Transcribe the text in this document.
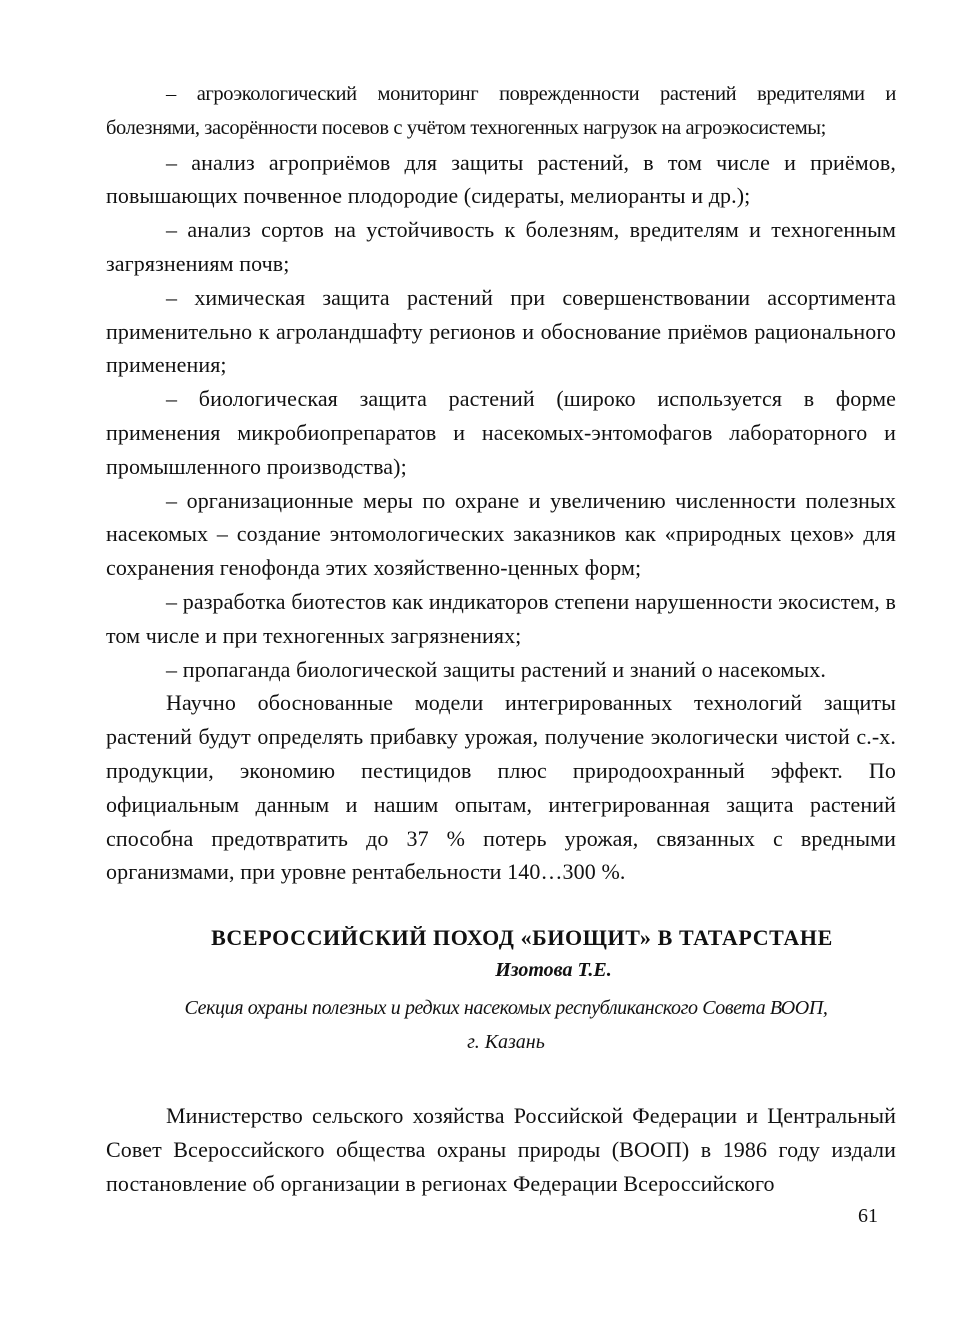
– агроэкологический мониторинг поврежденности растений вредителями и болезнями, засорённости посевов с учётом техногенных нагрузок на агроэкосистемы;

– анализ агроприёмов для защиты растений, в том числе и приёмов, повышающих почвенное плодородие (сидераты, мелиоранты и др.);

– анализ сортов на устойчивость к болезням, вредителям и техногенным загрязнениям почв;

– химическая защита растений при совершенствовании ассортимента применительно к агроландшафту регионов и обоснование приёмов рационального применения;

– биологическая защита растений (широко используется в форме применения микробиопрепаратов и насекомых-энтомофагов лабораторного и промышленного производства);

– организационные меры по охране и увеличению численности полезных насекомых – создание энтомологических заказников как «природных цехов» для сохранения генофонда этих хозяйственно-ценных форм;

– разработка биотестов как индикаторов степени нарушенности экосистем, в том числе и при техногенных загрязнениях;

– пропаганда биологической защиты растений и знаний о насекомых.

Научно обоснованные модели интегрированных технологий защиты растений будут определять прибавку урожая, получение экологически чистой с.-х. продукции, экономию пестицидов плюс природоохранный эффект. По официальным данным и нашим опытам, интегрированная защита растений способна предотвратить до 37 % потерь урожая, связанных с вредными организмами, при уровне рентабельности 140…300 %.

ВСЕРОССИЙСКИЙ ПОХОД «БИОЩИТ» В ТАТАРСТАНЕ
Изотова Т.Е.
Секция охраны полезных и редких насекомых республиканского Совета ВООП,
г. Казань

Министерство сельского хозяйства Российской Федерации и Центральный Совет Всероссийского общества охраны природы (ВООП) в 1986 году издали постановление об организации в регионах Федерации Всероссийского

61
